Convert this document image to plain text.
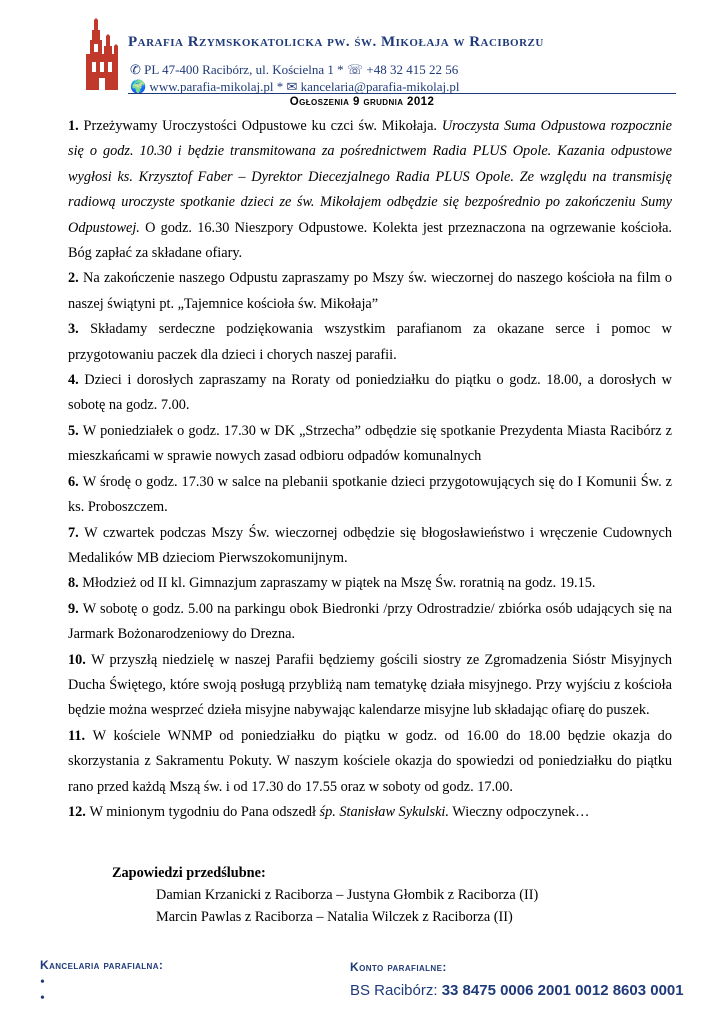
Parafia Rzymskokatolicka pw. św. Mikołaja w Raciborzu
✆ PL 47-400 Racibórz, ul. Kościelna 1 * ☏ +48 32 415 22 56
🌍 www.parafia-mikolaj.pl * ✉ kancelaria@parafia-mikolaj.pl
Ogłoszenia 9 grudnia 2012

1. Przeżywamy Uroczystości Odpustowe ku czci św. Mikołaja. Uroczysta Suma Odpustowa rozpocznie się o godz. 10.30 i będzie transmitowana za pośrednictwem Radia PLUS Opole. Kazania odpustowe wygłosi ks. Krzysztof Faber – Dyrektor Diecezjalnego Radia PLUS Opole. Ze względu na transmisję radiową uroczyste spotkanie dzieci ze św. Mikołajem odbędzie się bezpośrednio po zakończeniu Sumy Odpustowej. O godz. 16.30 Nieszpory Odpustowe. Kolekta jest przeznaczona na ogrzewanie kościoła. Bóg zapłać za składane ofiary.

2. Na zakończenie naszego Odpustu zapraszamy po Mszy św. wieczornej do naszego kościoła na film o naszej świątyni pt. „Tajemnice kościoła św. Mikołaja”

3. Składamy serdeczne podziękowania wszystkim parafianom za okazane serce i pomoc w przygotowaniu paczek dla dzieci i chorych naszej parafii.

4. Dzieci i dorosłych zapraszamy na Roraty od poniedziałku do piątku o godz. 18.00, a dorosłych w sobotę na godz. 7.00.

5. W poniedziałek o godz. 17.30 w DK „Strzecha” odbędzie się spotkanie Prezydenta Miasta Racibórz z mieszkańcami w sprawie nowych zasad odbioru odpadów komunalnych

6. W środę o godz. 17.30 w salce na plebanii spotkanie dzieci przygotowujących się do I Komunii Św. z ks. Proboszczem.

7. W czwartek podczas Mszy Św. wieczornej odbędzie się błogosławieństwo i wręczenie Cudownych Medalików MB dzieciom Pierwszokomunijnym.

8. Młodzież od II kl. Gimnazjum zapraszamy w piątek na Mszę Św. roratnią na godz. 19.15.

9. W sobotę o godz. 5.00 na parkingu obok Biedronki /przy Odrostradzie/ zbiórka osób udających się na Jarmark Bożonarodzeniowy do Drezna.

10. W przyszłą niedzielę w naszej Parafii będziemy gościli siostry ze Zgromadzenia Sióstr Misyjnych Ducha Świętego, które swoją posługą przybliżą nam tematykę działa misyjnego. Przy wyjściu z kościoła będzie można wesprzeć dzieła misyjne nabywając kalendarze misyjne lub składając ofiarę do puszek.

11. W kościele WNMP od poniedziałku do piątku w godz. od 16.00 do 18.00 będzie okazja do skorzystania z Sakramentu Pokuty. W naszym kościele okazja do spowiedzi od poniedziałku do piątku rano przed każdą Mszą św. i od 17.30 do 17.55 oraz w soboty od godz. 17.00.

12. W minionym tygodniu do Pana odszedł śp. Stanisław Sykulski. Wieczny odpoczynek…

Zapowiedzi przedślubne:
Damian Krzanicki z Raciborza – Justyna Głombik z Raciborza (II)
Marcin Pawlas z Raciborza – Natalia Wilczek z Raciborza (II)
Kancelaria parafialna:
•
•
Konto parafialne:
BS Racibórz: 33 8475 0006 2001 0012 8603 0001
